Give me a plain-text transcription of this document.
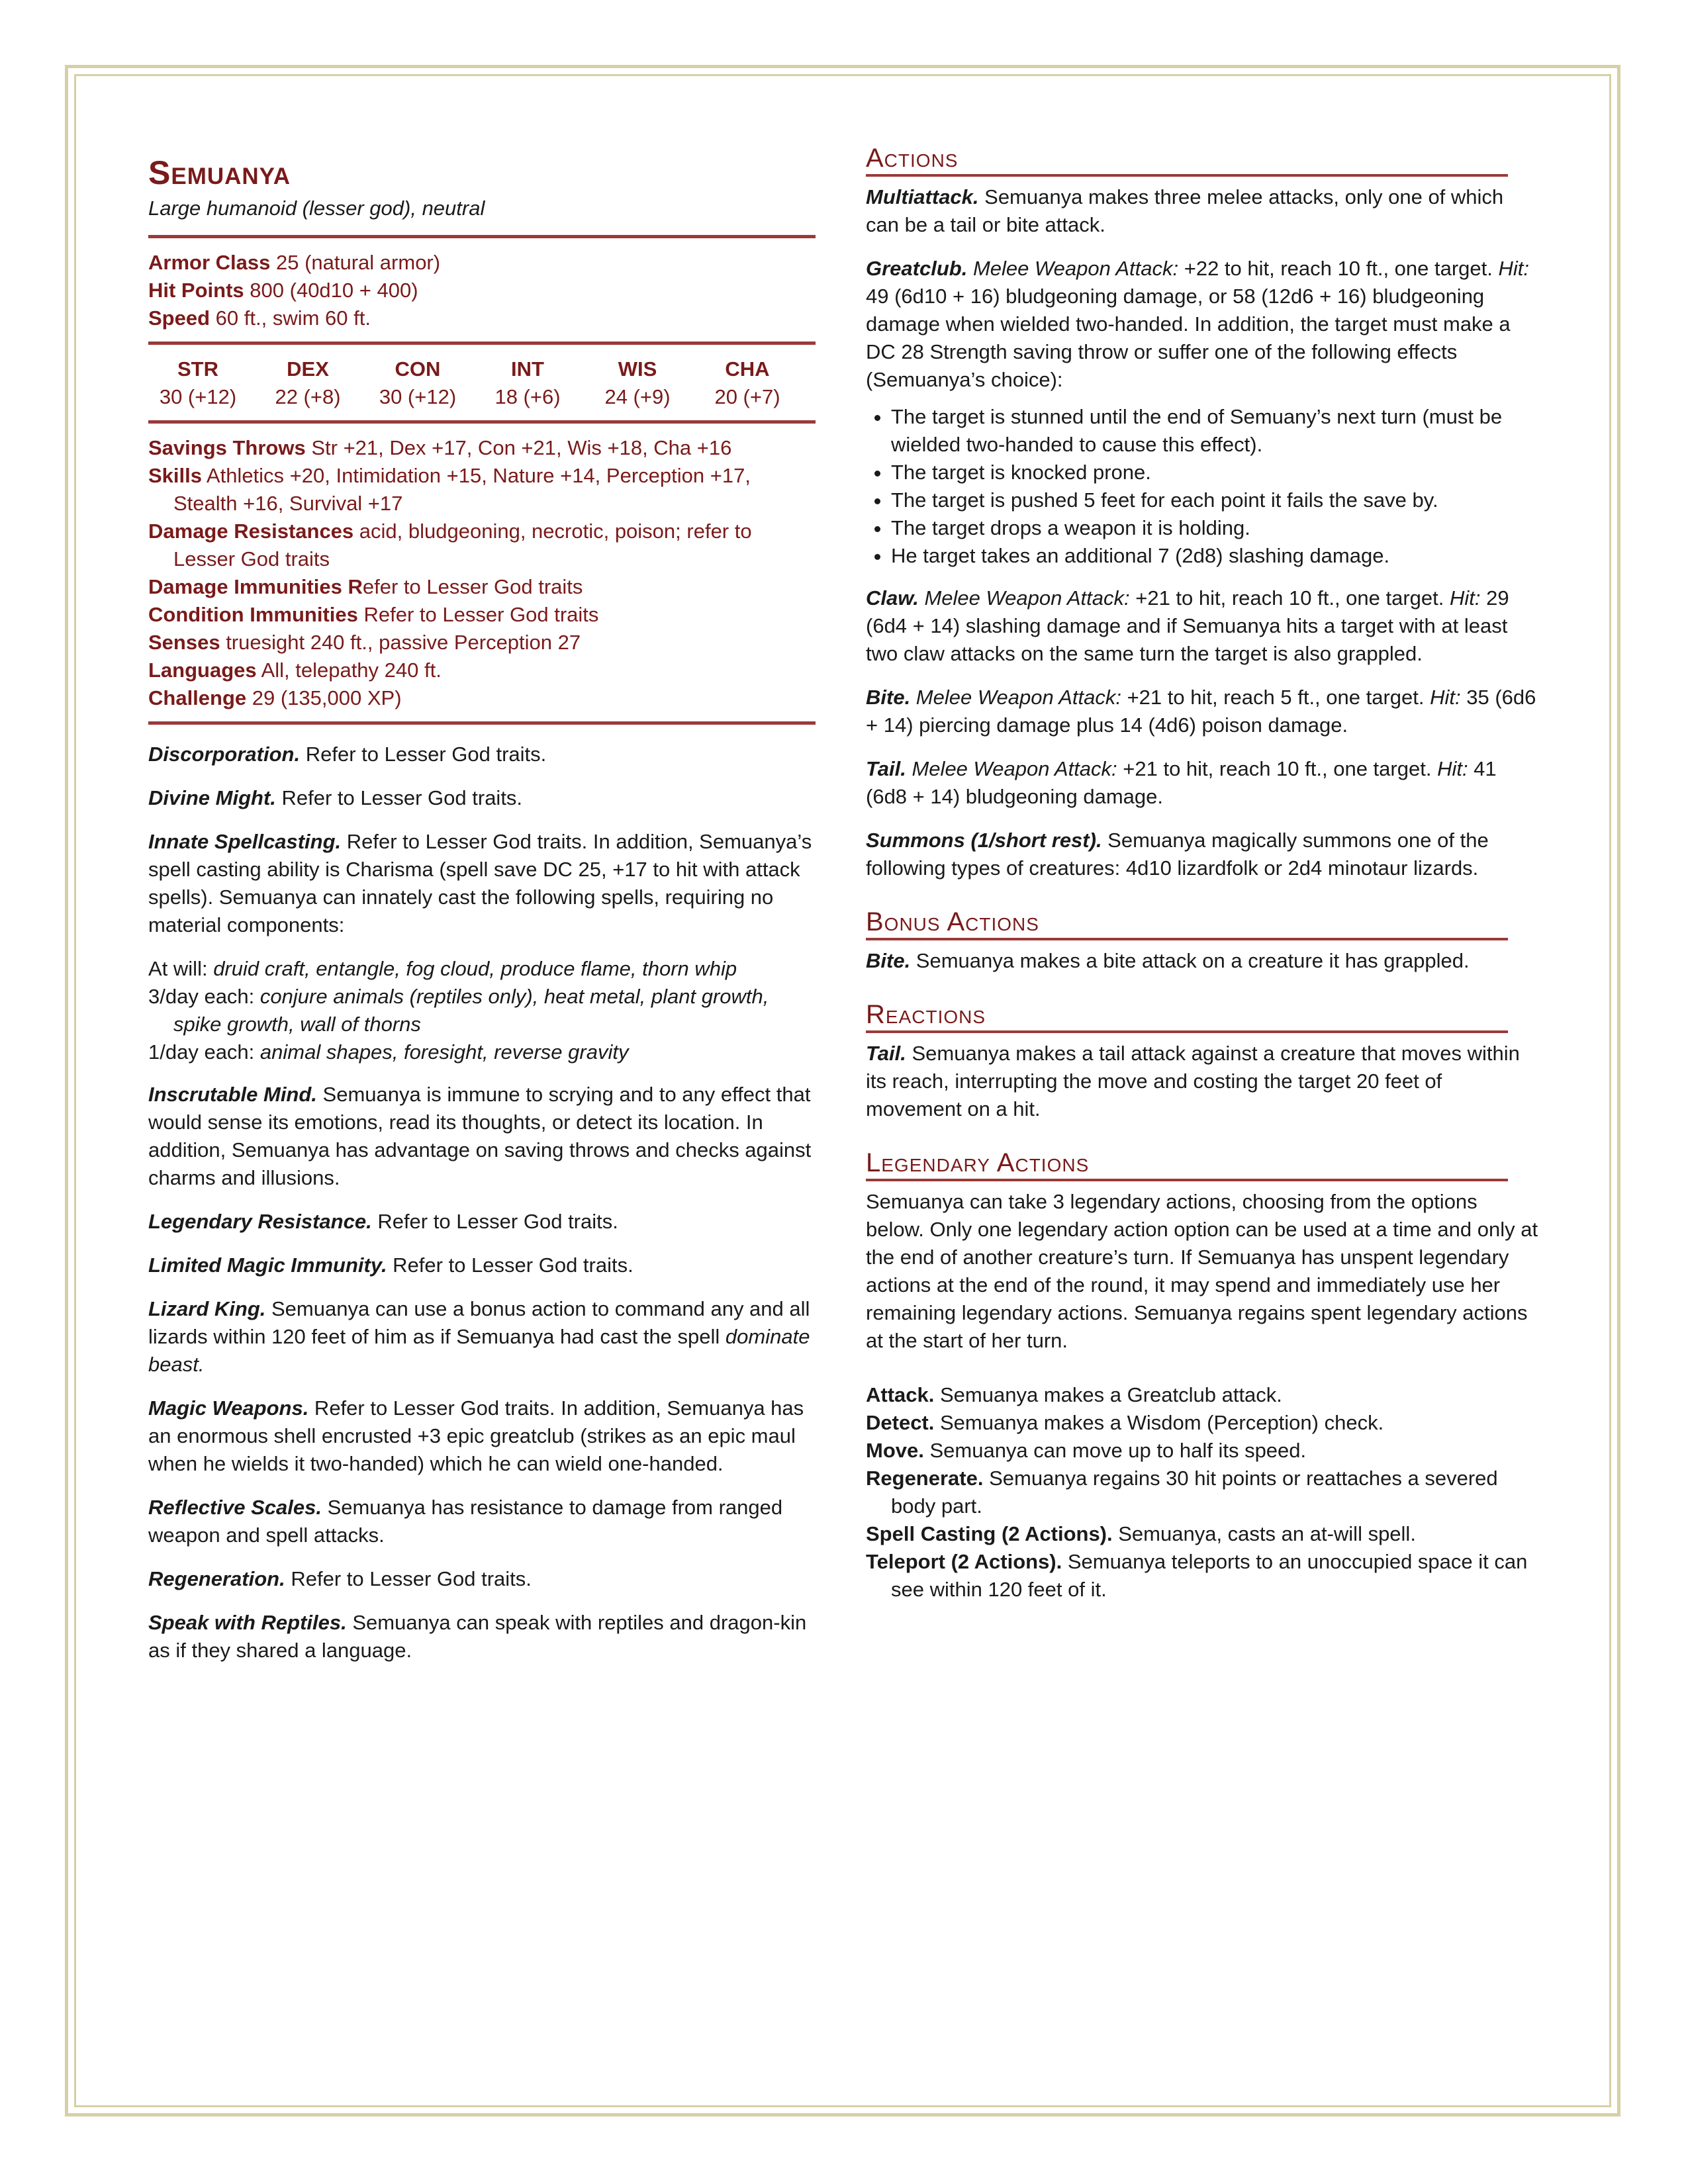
Semuanya
Large humanoid (lesser god), neutral
Armor Class 25 (natural armor)
Hit Points 800 (40d10 + 400)
Speed 60 ft., swim 60 ft.
STR
30 (+12)
DEX
22 (+8)
CON
30 (+12)
INT
18 (+6)
WIS
24 (+9)
CHA
20 (+7)
Savings Throws Str +21, Dex +17, Con +21, Wis +18, Cha +16
Skills Athletics +20, Intimidation +15, Nature +14, Perception +17, Stealth +16, Survival +17
Damage Resistances acid, bludgeoning, necrotic, poison; refer to Lesser God traits
Damage Immunities Refer to Lesser God traits
Condition Immunities Refer to Lesser God traits
Senses truesight 240 ft., passive Perception 27
Languages All, telepathy 240 ft.
Challenge 29 (135,000 XP)

Discorporation. Refer to Lesser God traits.

Divine Might. Refer to Lesser God traits.

Innate Spellcasting. Refer to Lesser God traits. In addition, Semuanya’s spell casting ability is Charisma (spell save DC 25, +17 to hit with attack spells). Semuanya can innately cast the following spells, requiring no material components:

At will: druid craft, entangle, fog cloud, produce flame, thorn whip
3/day each: conjure animals (reptiles only), heat metal, plant growth, spike growth, wall of thorns
1/day each: animal shapes, foresight, reverse gravity

Inscrutable Mind. Semuanya is immune to scrying and to any effect that would sense its emotions, read its thoughts, or detect its location. In addition, Semuanya has advantage on saving throws and checks against charms and illusions.

Legendary Resistance. Refer to Lesser God traits.

Limited Magic Immunity. Refer to Lesser God traits.

Lizard King. Semuanya can use a bonus action to command any and all lizards within 120 feet of him as if Semuanya had cast the spell dominate beast.

Magic Weapons. Refer to Lesser God traits. In addition, Semuanya has an enormous shell encrusted +3 epic greatclub (strikes as an epic maul when he wields it two-handed) which he can wield one-handed.

Reflective Scales. Semuanya has resistance to damage from ranged weapon and spell attacks.

Regeneration. Refer to Lesser God traits.

Speak with Reptiles. Semuanya can speak with reptiles and dragon-kin as if they shared a language.

Actions

Multiattack. Semuanya makes three melee attacks, only one of which can be a tail or bite attack.

Greatclub. Melee Weapon Attack: +22 to hit, reach 10 ft., one target. Hit: 49 (6d10 + 16) bludgeoning damage, or 58 (12d6 + 16) bludgeoning damage when wielded two-handed. In addition, the target must make a DC 28 Strength saving throw or suffer one of the following effects (Semuanya’s choice):

• The target is stunned until the end of Semuany’s next turn (must be wielded two-handed to cause this effect).
• The target is knocked prone.
• The target is pushed 5 feet for each point it fails the save by.
• The target drops a weapon it is holding.
• He target takes an additional 7 (2d8) slashing damage.

Claw. Melee Weapon Attack: +21 to hit, reach 10 ft., one target. Hit: 29 (6d4 + 14) slashing damage and if Semuanya hits a target with at least two claw attacks on the same turn the target is also grappled.

Bite. Melee Weapon Attack: +21 to hit, reach 5 ft., one target. Hit: 35 (6d6 + 14) piercing damage plus 14 (4d6) poison damage.

Tail. Melee Weapon Attack: +21 to hit, reach 10 ft., one target. Hit: 41 (6d8 + 14) bludgeoning damage.

Summons (1/short rest). Semuanya magically summons one of the following types of creatures: 4d10 lizardfolk or 2d4 minotaur lizards.

Bonus Actions

Bite. Semuanya makes a bite attack on a creature it has grappled.

Reactions

Tail. Semuanya makes a tail attack against a creature that moves within its reach, interrupting the move and costing the target 20 feet of movement on a hit.

Legendary Actions

Semuanya can take 3 legendary actions, choosing from the options below. Only one legendary action option can be used at a time and only at the end of another creature’s turn. If Semuanya has unspent legendary actions at the end of the round, it may spend and immediately use her remaining legendary actions. Semuanya regains spent legendary actions at the start of her turn.

Attack. Semuanya makes a Greatclub attack.
Detect. Semuanya makes a Wisdom (Perception) check.
Move. Semuanya can move up to half its speed.
Regenerate. Semuanya regains 30 hit points or reattaches a severed body part.
Spell Casting (2 Actions). Semuanya, casts an at-will spell.
Teleport (2 Actions). Semuanya teleports to an unoccupied space it can see within 120 feet of it.
